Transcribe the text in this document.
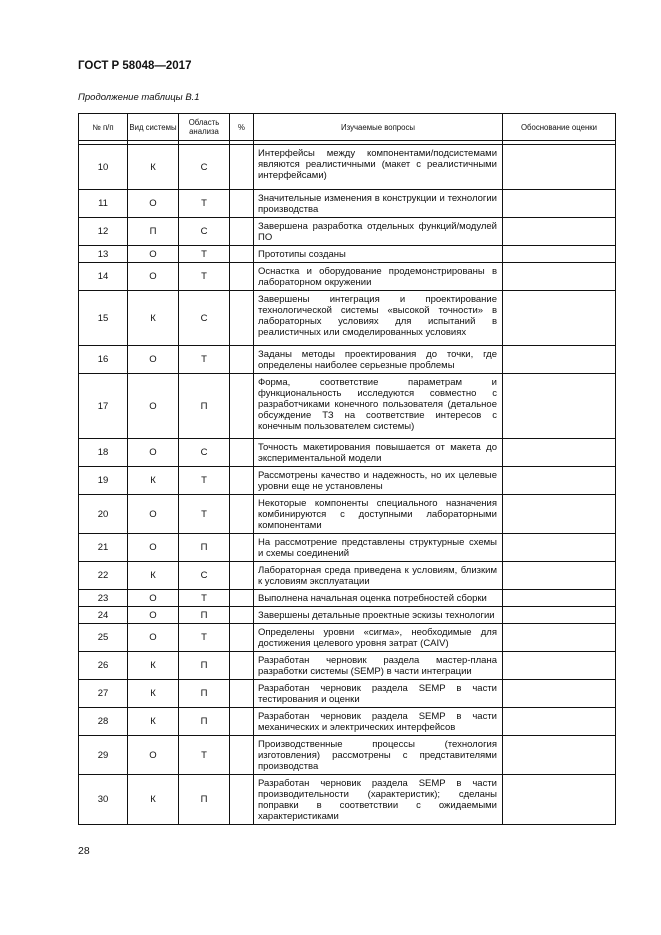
ГОСТ Р 58048—2017
Продолжение таблицы В.1
№ п/п	Вид системы	Область анализа	%	Изучаемые вопросы	Обоснование оценки

10	К	С		Интерфейсы между компонентами/подсистемами являются реалистичными (макет с реалистичными интерфейсами)	
11	О	Т		Значительные изменения в конструкции и технологии производства	
12	П	С		Завершена разработка отдельных функций/модулей ПО	
13	О	Т		Прототипы созданы	
14	О	Т		Оснастка и оборудование продемонстрированы в лабораторном окружении	
15	К	С		Завершены интеграция и проектирование технологической системы «высокой точности» в лабораторных условиях для испытаний в реалистичных или смоделированных условиях	
16	О	Т		Заданы методы проектирования до точки, где определены наиболее серьезные проблемы	
17	О	П		Форма, соответствие параметрам и функциональность исследуются совместно с разработчиками конечного пользователя (детальное обсуждение ТЗ на соответствие интересов с конечным пользователем системы)	
18	О	С		Точность макетирования повышается от макета до экспериментальной модели	
19	К	Т		Рассмотрены качество и надежность, но их целевые уровни еще не установлены	
20	О	Т		Некоторые компоненты специального назначения комбинируются с доступными лабораторными компонентами	
21	О	П		На рассмотрение представлены структурные схемы и схемы соединений	
22	К	С		Лабораторная среда приведена к условиям, близким к условиям эксплуатации	
23	О	Т		Выполнена начальная оценка потребностей сборки	
24	О	П		Завершены детальные проектные эскизы технологии	
25	О	Т		Определены уровни «сигма», необходимые для достижения целевого уровня затрат (CAIV)	
26	К	П		Разработан черновик раздела мастер-плана разработки системы (SEMP) в части интеграции	
27	К	П		Разработан черновик раздела SEMP в части тестирования и оценки	
28	К	П		Разработан черновик раздела SEMP в части механических и электрических интерфейсов	
29	О	Т		Производственные процессы (технология изготовления) рассмотрены с представителями производства	
30	К	П		Разработан черновик раздела SEMP в части производительности (характеристик); сделаны поправки в соответствии с ожидаемыми характеристиками	
28
